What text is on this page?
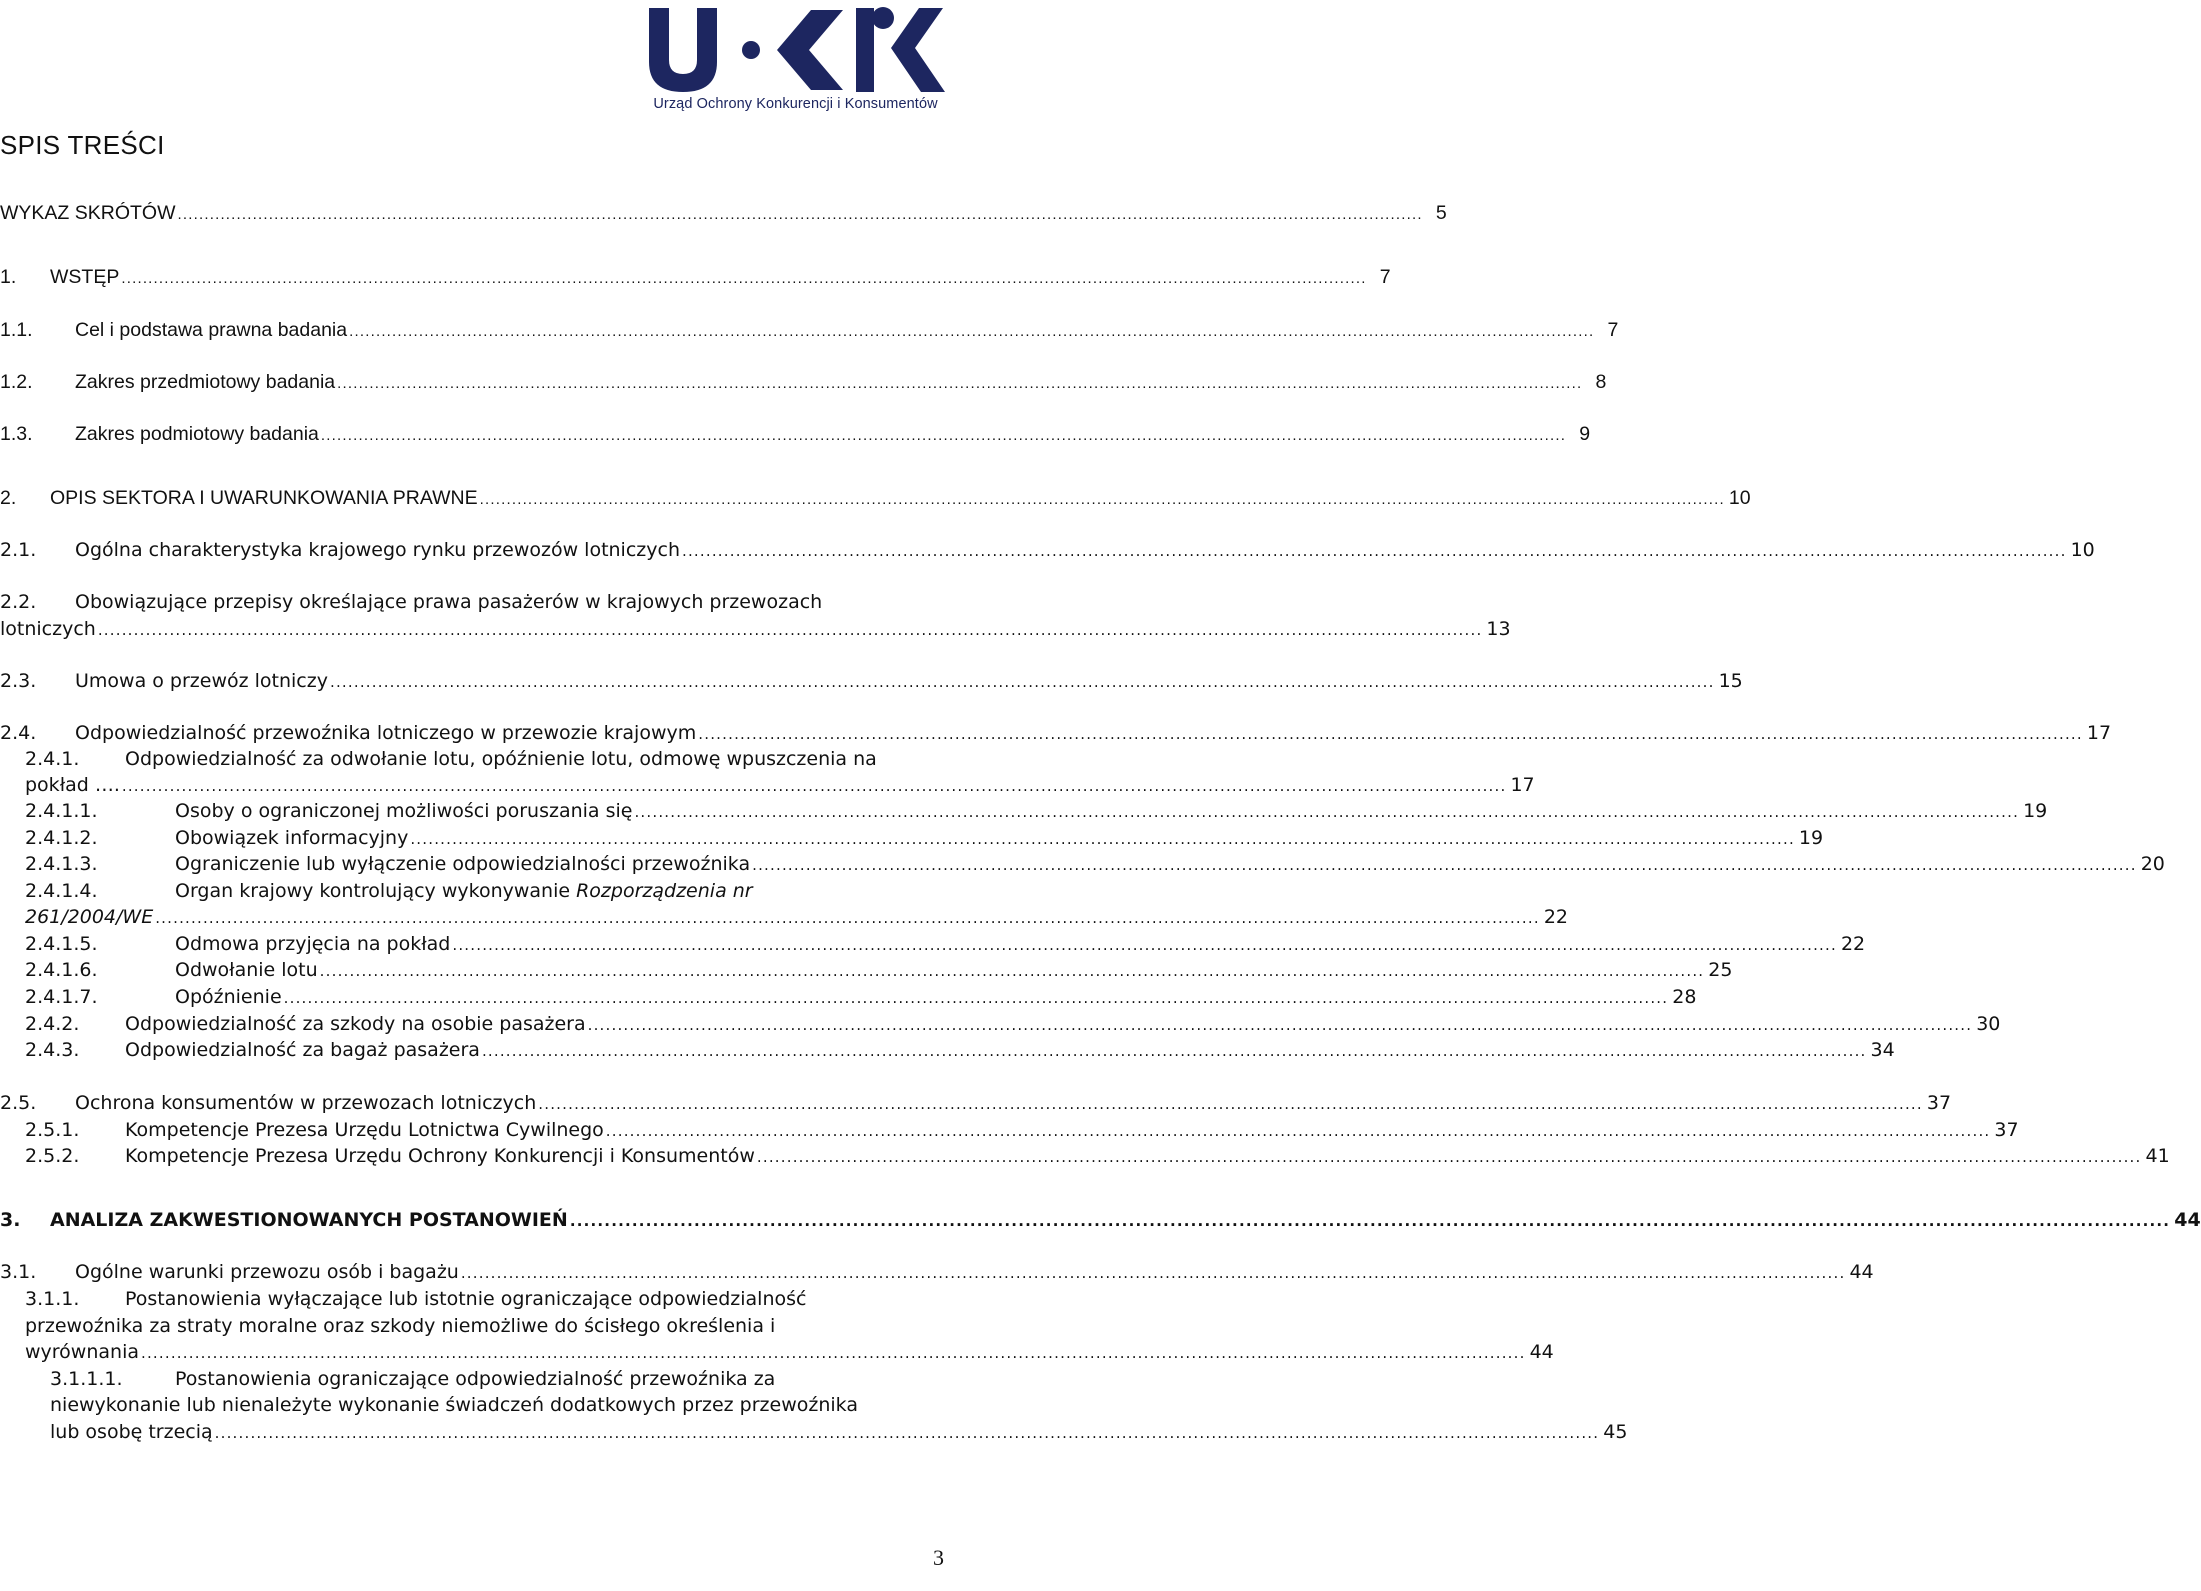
Urząd Ochrony Konkurencji i Konsumentów
SPIS TREŚCI
WYKAZ SKRÓTÓW .....	5
1.	WSTĘP .....	7
1.1.	Cel i podstawa prawna badania .....	7
1.2.	Zakres przedmiotowy badania .....	8
1.3.	Zakres podmiotowy badania .....	9
2.	OPIS SEKTORA I UWARUNKOWANIA PRAWNE .....	10
2.1.	Ogólna charakterystyka krajowego rynku przewozów lotniczych .....	10
2.2. Obowiązujące przepisy określające prawa pasażerów w krajowych przewozach
lotniczych .....	13
2.3.	Umowa o przewóz lotniczy .....	15
2.4.	Odpowiedzialność przewoźnika lotniczego w przewozie krajowym .....	17
2.4.1. Odpowiedzialność za odwołanie lotu, opóźnienie lotu, odmowę wpuszczenia na
pokład …. .....	17
2.4.1.1.	Osoby o ograniczonej możliwości poruszania się .....	19
2.4.1.2.	Obowiązek informacyjny .....	19
2.4.1.3.	Ograniczenie lub wyłączenie odpowiedzialności przewoźnika .....	20
2.4.1.4.	Organ krajowy kontrolujący wykonywanie Rozporządzenia nr
261/2004/WE .....	22
2.4.1.5.	Odmowa przyjęcia na pokład .....	22
2.4.1.6.	Odwołanie lotu .....	25
2.4.1.7.	Opóźnienie .....	28
2.4.2.	Odpowiedzialność za szkody na osobie pasażera .....	30
2.4.3.	Odpowiedzialność za bagaż pasażera .....	34
2.5.	Ochrona konsumentów w przewozach lotniczych .....	37
2.5.1.	Kompetencje Prezesa Urzędu Lotnictwa Cywilnego .....	37
2.5.2.	Kompetencje Prezesa Urzędu Ochrony Konkurencji i Konsumentów .....	41
3.	ANALIZA ZAKWESTIONOWANYCH POSTANOWIEŃ .....	44
3.1.	Ogólne warunki przewozu osób i bagażu .....	44
3.1.1. Postanowienia wyłączające lub istotnie ograniczające odpowiedzialność
przewoźnika za straty moralne oraz szkody niemożliwe do ścisłego określenia i
wyrównania .....	44
3.1.1.1.	Postanowienia ograniczające odpowiedzialność przewoźnika za
niewykonanie lub nienależyte wykonanie świadczeń dodatkowych przez przewoźnika
lub osobę trzecią .....	45
3
